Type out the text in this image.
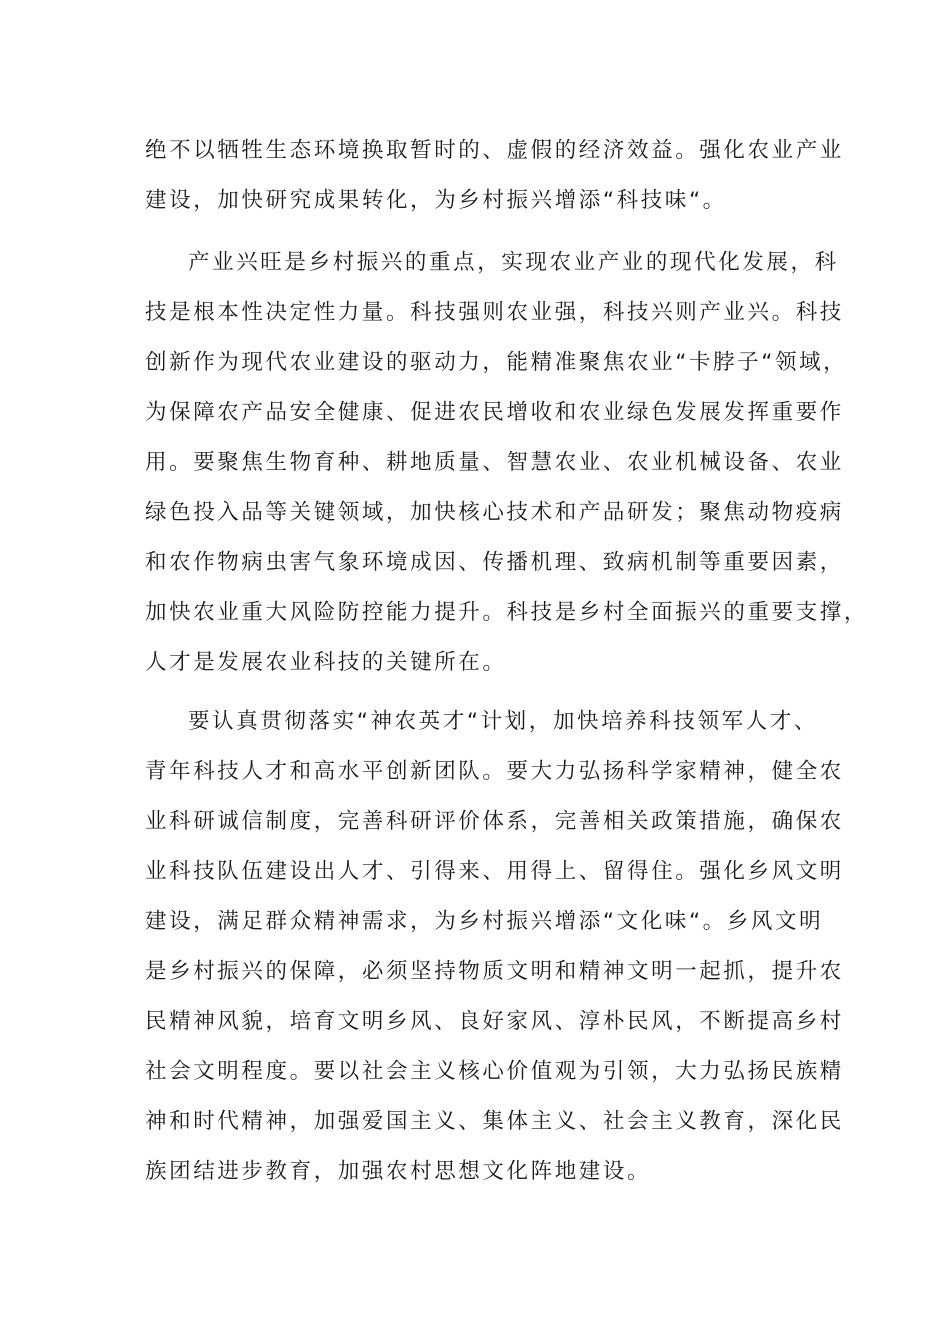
绝不以牺牲生态环境换取暂时的、虚假的经济效益。强化农业产业
建设，加快研究成果转化，为乡村振兴增添“科技味“。
产业兴旺是乡村振兴的重点，实现农业产业的现代化发展，科
技是根本性决定性力量。科技强则农业强，科技兴则产业兴。科技
创新作为现代农业建设的驱动力，能精准聚焦农业“卡脖子“领域，
为保障农产品安全健康、促进农民增收和农业绿色发展发挥重要作
用。要聚焦生物育种、耕地质量、智慧农业、农业机械设备、农业
绿色投入品等关键领域，加快核心技术和产品研发；聚焦动物疫病
和农作物病虫害气象环境成因、传播机理、致病机制等重要因素，
加快农业重大风险防控能力提升。科技是乡村全面振兴的重要支撑，
人才是发展农业科技的关键所在。
要认真贯彻落实“神农英才“计划，加快培养科技领军人才、
青年科技人才和高水平创新团队。要大力弘扬科学家精神，健全农
业科研诚信制度，完善科研评价体系，完善相关政策措施，确保农
业科技队伍建设出人才、引得来、用得上、留得住。强化乡风文明
建设，满足群众精神需求，为乡村振兴增添“文化味“。乡风文明
是乡村振兴的保障，必须坚持物质文明和精神文明一起抓，提升农
民精神风貌，培育文明乡风、良好家风、淳朴民风，不断提高乡村
社会文明程度。要以社会主义核心价值观为引领，大力弘扬民族精
神和时代精神，加强爱国主义、集体主义、社会主义教育，深化民
族团结进步教育，加强农村思想文化阵地建设。
